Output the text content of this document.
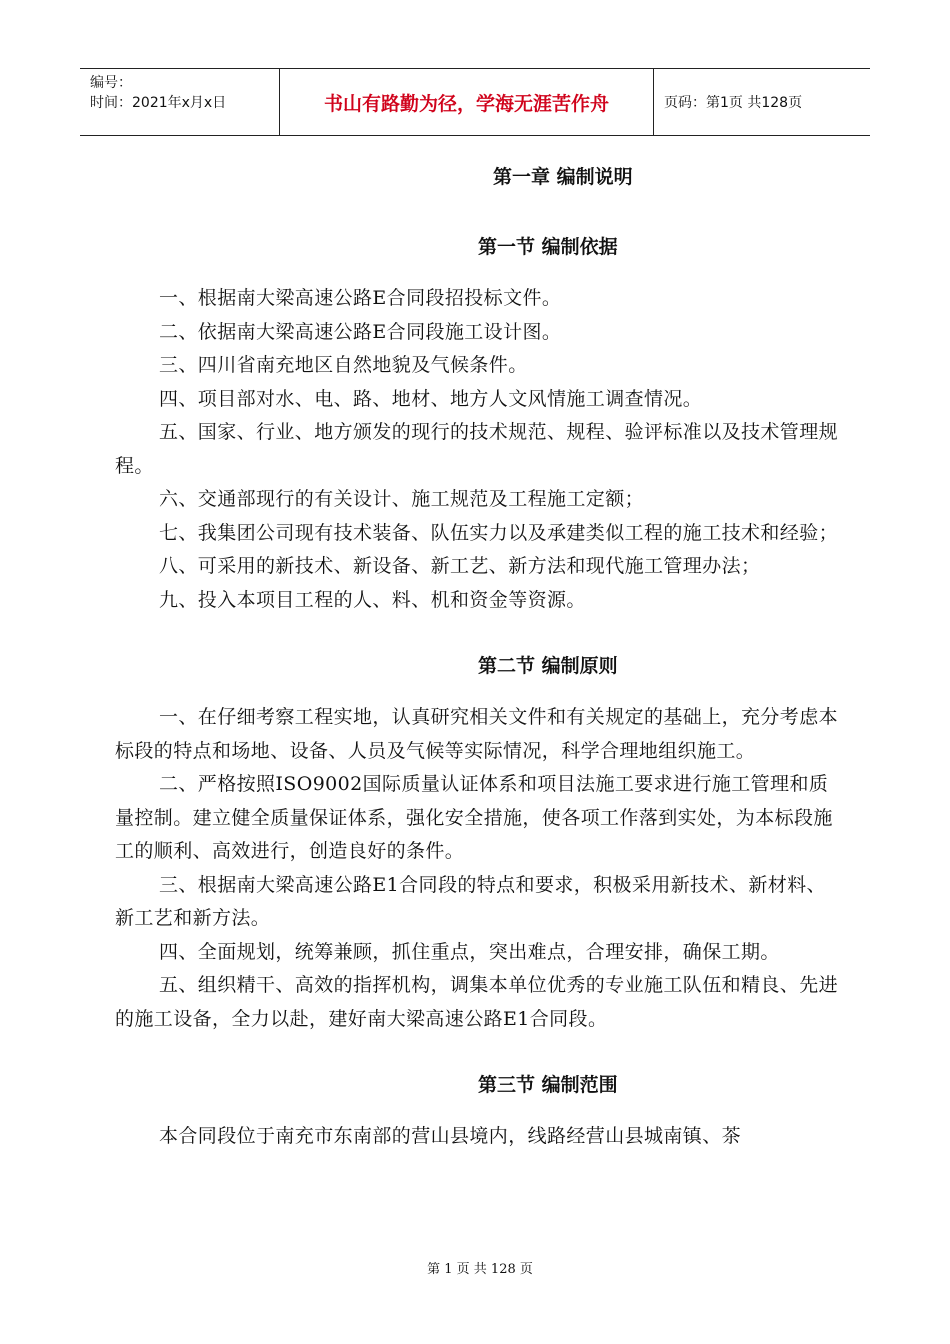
编号：
时间：2021年x月x日	书山有路勤为径，学海无涯苦作舟	页码：第1页 共128页
第一章 编制说明
第一节 编制依据

一、根据南大梁高速公路E合同段招投标文件。

二、依据南大梁高速公路E合同段施工设计图。

三、四川省南充地区自然地貌及气候条件。

四、项目部对水、电、路、地材、地方人文风情施工调查情况。

五、国家、行业、地方颁发的现行的技术规范、规程、验评标准以及技术管理规程。

六、交通部现行的有关设计、施工规范及工程施工定额；

七、我集团公司现有技术装备、队伍实力以及承建类似工程的施工技术和经验；

八、可采用的新技术、新设备、新工艺、新方法和现代施工管理办法；

九、投入本项目工程的人、料、机和资金等资源。

第二节 编制原则

一、在仔细考察工程实地，认真研究相关文件和有关规定的基础上，充分考虑本标段的特点和场地、设备、人员及气候等实际情况，科学合理地组织施工。

二、严格按照ISO9002国际质量认证体系和项目法施工要求进行施工管理和质量控制。建立健全质量保证体系，强化安全措施，使各项工作落到实处，为本标段施工的顺利、高效进行，创造良好的条件。

三、根据南大梁高速公路E1合同段的特点和要求，积极采用新技术、新材料、新工艺和新方法。

四、全面规划，统筹兼顾，抓住重点，突出难点，合理安排，确保工期。

五、组织精干、高效的指挥机构，调集本单位优秀的专业施工队伍和精良、先进的施工设备，全力以赴，建好南大梁高速公路E1合同段。

第三节 编制范围

本合同段位于南充市东南部的营山县境内，线路经营山县城南镇、茶

第 1 页 共 128 页
